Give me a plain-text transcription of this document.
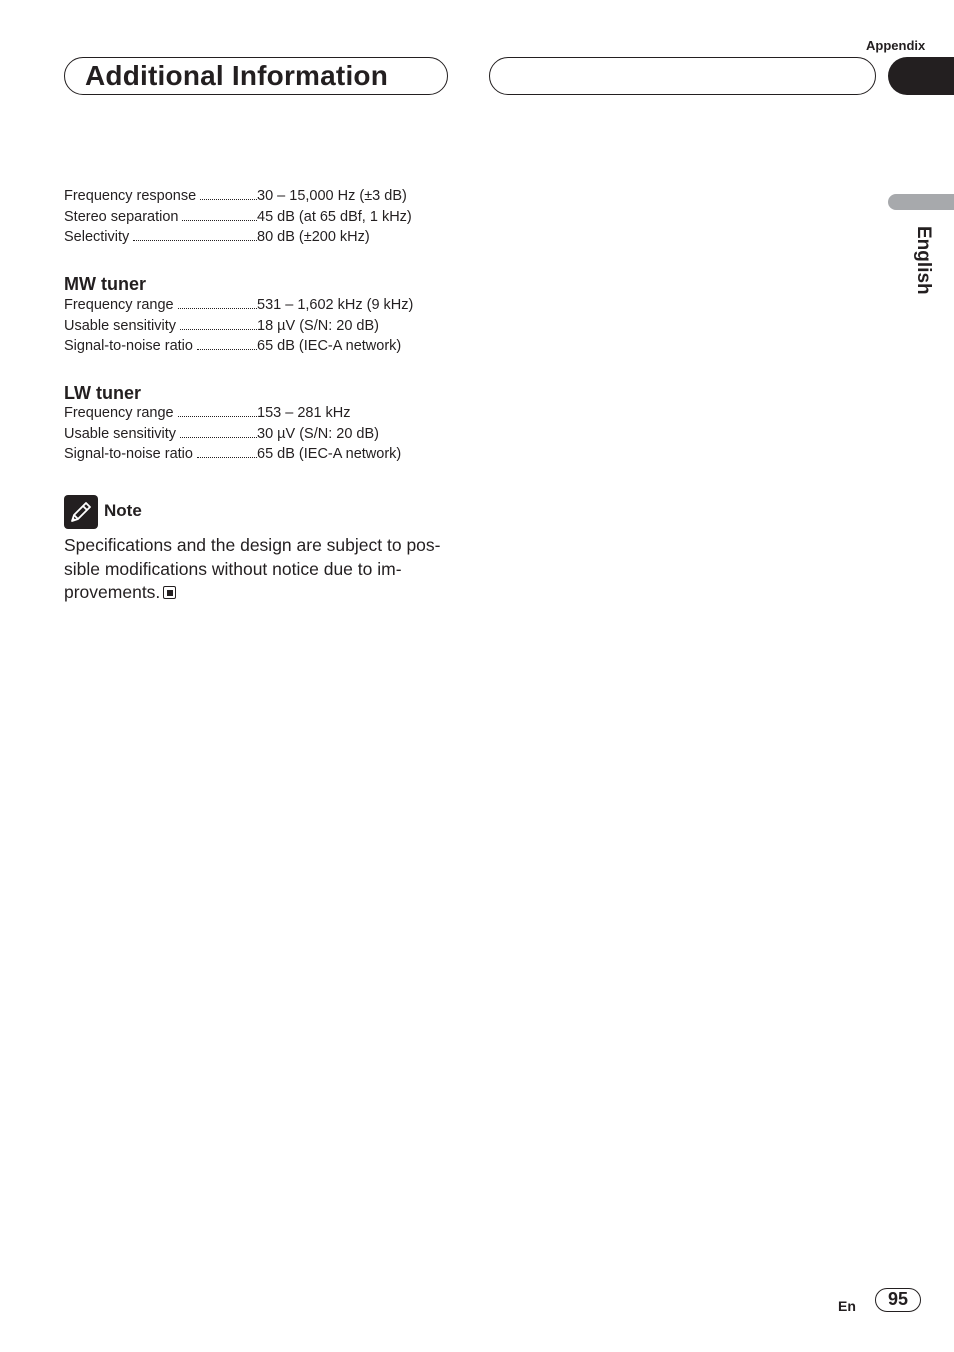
Appendix
Additional Information
English
Frequency response	30 – 15,000 Hz (±3 dB)
Stereo separation	45 dB (at 65 dBf, 1 kHz)
Selectivity	80 dB (±200 kHz)
MW tuner
Frequency range	531 – 1,602 kHz (9 kHz)
Usable sensitivity	18 µV (S/N: 20 dB)
Signal-to-noise ratio	65 dB (IEC-A network)
LW tuner
Frequency range	153 – 281 kHz
Usable sensitivity	30 µV (S/N: 20 dB)
Signal-to-noise ratio	65 dB (IEC-A network)
Note
Specifications and the design are subject to pos-
sible modifications without notice due to im-
provements.
En	95
